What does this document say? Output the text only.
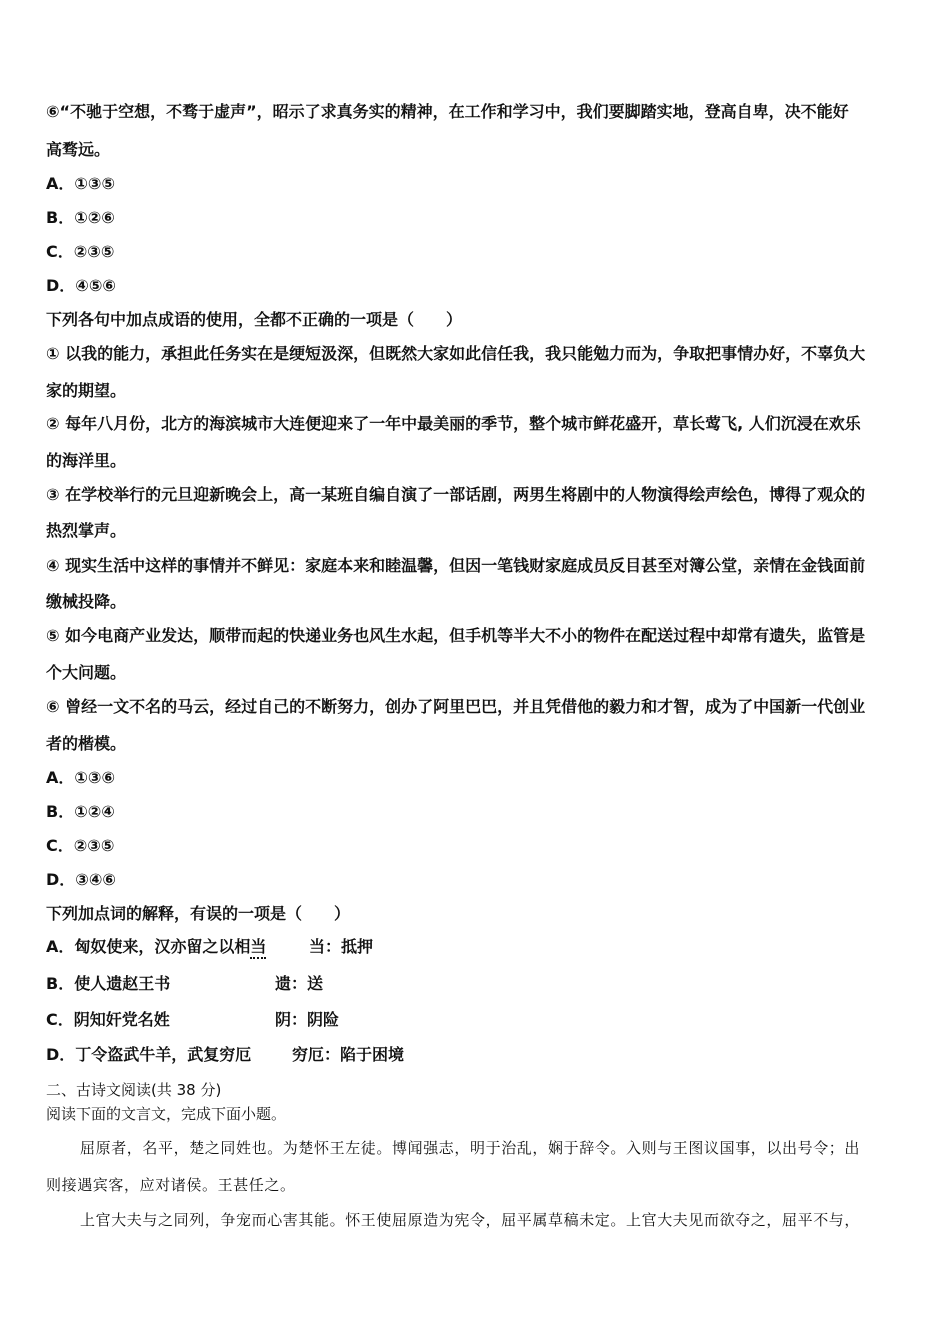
⑥“不驰于空想，不骛于虚声”，昭示了求真务实的精神，在工作和学习中，我们要脚踏实地，登高自卑，决不能好
高骛远。
A．①③⑤
B．①②⑥
C．②③⑤
D．④⑤⑥
下列各句中加点成语的使用，全都不正确的一项是（　　）
① 以我的能力，承担此任务实在是绠短汲深，但既然大家如此信任我，我只能勉力而为，争取把事情办好，不辜负大
家的期望。
② 每年八月份，北方的海滨城市大连便迎来了一年中最美丽的季节，整个城市鲜花盛开，草长莺飞, 人们沉浸在欢乐
的海洋里。
③ 在学校举行的元旦迎新晚会上，高一某班自编自演了一部话剧，两男生将剧中的人物演得绘声绘色，博得了观众的
热烈掌声。
④ 现实生活中这样的事情并不鲜见：家庭本来和睦温馨，但因一笔钱财家庭成员反目甚至对簿公堂，亲情在金钱面前
缴械投降。
⑤ 如今电商产业发达，顺带而起的快递业务也风生水起，但手机等半大不小的物件在配送过程中却常有遗失，监管是
个大问题。
⑥ 曾经一文不名的马云，经过自己的不断努力，创办了阿里巴巴，并且凭借他的毅力和才智，成为了中国新一代创业
者的楷模。
A．①③⑥
B．①②④
C．②③⑤
D．③④⑥
下列加点词的解释，有误的一项是（　　）
A．匈奴使来，汉亦留之以相当	当：抵押
B．使人遗赵王书	遗：送
C．阴知奸党名姓	阴：阴险
D．丁令盗武牛羊，武复穷厄	穷厄：陷于困境
二、古诗文阅读(共 38 分)
阅读下面的文言文，完成下面小题。
屈原者，名平，楚之同姓也。为楚怀王左徒。博闻强志，明于治乱，娴于辞令。入则与王图议国事，以出号令；出
则接遇宾客，应对诸侯。王甚任之。
上官大夫与之同列，争宠而心害其能。怀王使屈原造为宪令，屈平属草稿未定。上官大夫见而欲夺之，屈平不与，
